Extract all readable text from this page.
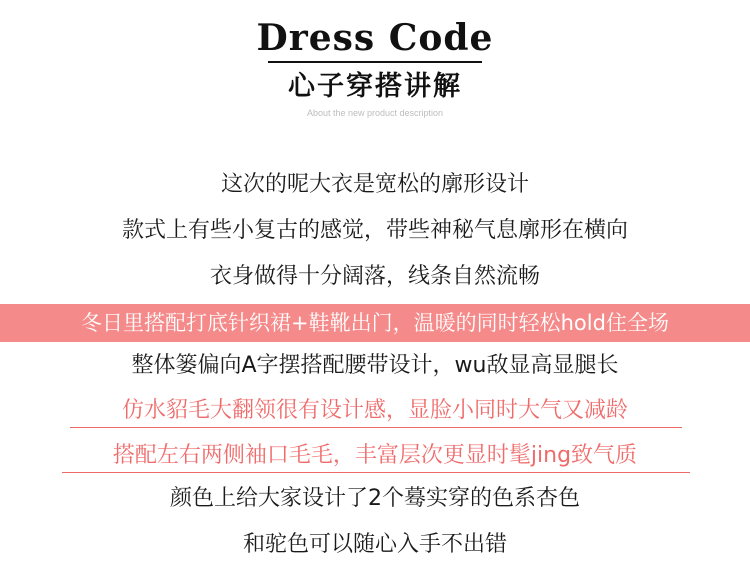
Dress Code
心子穿搭讲解
About the new product description
这次的呢大衣是宽松的廓形设计
款式上有些小复古的感觉，带些神秘气息廓形在横向
衣身做得十分阔落，线条自然流畅
冬日里搭配打底针织裙+鞋靴出门，温暖的同时轻松hold住全场
整体篓偏向A字摆搭配腰带设计，wu敌显高显腿长
仿水貂毛大翻领很有设计感，显脸小同时大气又减龄
搭配左右两侧袖口毛毛，丰富层次更显时髦jing致气质
颜色上给大家设计了2个蓦实穿的色系杏色
和驼色可以随心入手不出错
